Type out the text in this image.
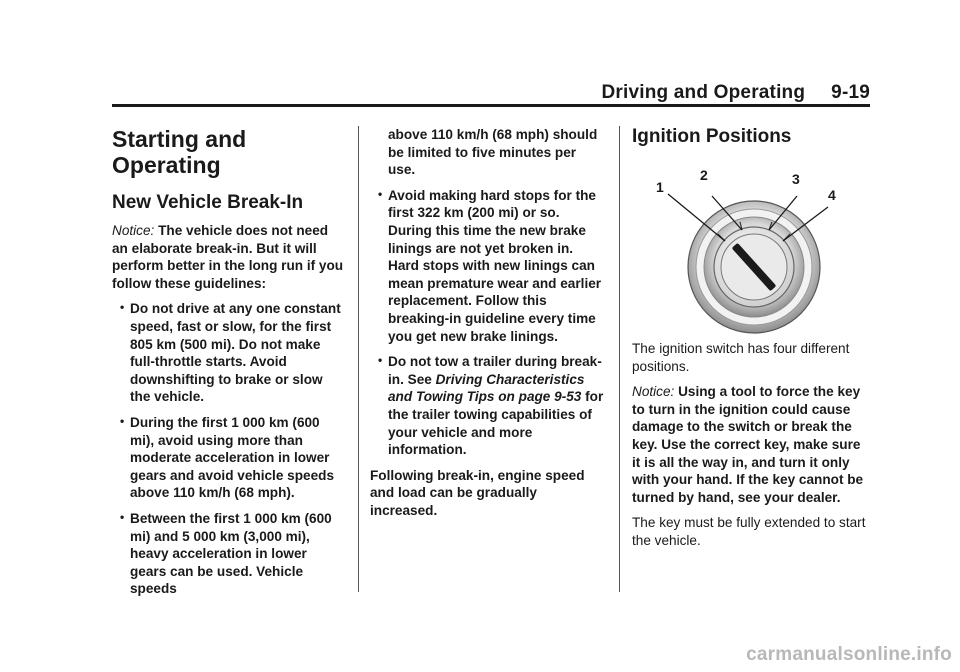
Driving and Operating 9-19
Starting and Operating
New Vehicle Break-In

Notice: The vehicle does not need an elaborate break-in. But it will perform better in the long run if you follow these guidelines:

• Do not drive at any one constant speed, fast or slow, for the first 805 km (500 mi). Do not make full-throttle starts. Avoid downshifting to brake or slow the vehicle.
• During the first 1 000 km (600 mi), avoid using more than moderate acceleration in lower gears and avoid vehicle speeds above 110 km/h (68 mph).
• Between the first 1 000 km (600 mi) and 5 000 km (3,000 mi), heavy acceleration in lower gears can be used. Vehicle speeds
above 110 km/h (68 mph) should be limited to five minutes per use.
• Avoid making hard stops for the first 322 km (200 mi) or so. During this time the new brake linings are not yet broken in. Hard stops with new linings can mean premature wear and earlier replacement. Follow this breaking-in guideline every time you get new brake linings.
• Do not tow a trailer during break-in. See Driving Characteristics and Towing Tips on page 9-53 for the trailer towing capabilities of your vehicle and more information.

Following break-in, engine speed and load can be gradually increased.

Ignition Positions
1
2	3
4

The ignition switch has four different positions.

Notice: Using a tool to force the key to turn in the ignition could cause damage to the switch or break the key. Use the correct key, make sure it is all the way in, and turn it only with your hand. If the key cannot be turned by hand, see your dealer.

The key must be fully extended to start the vehicle.

carmanualsonline.info
